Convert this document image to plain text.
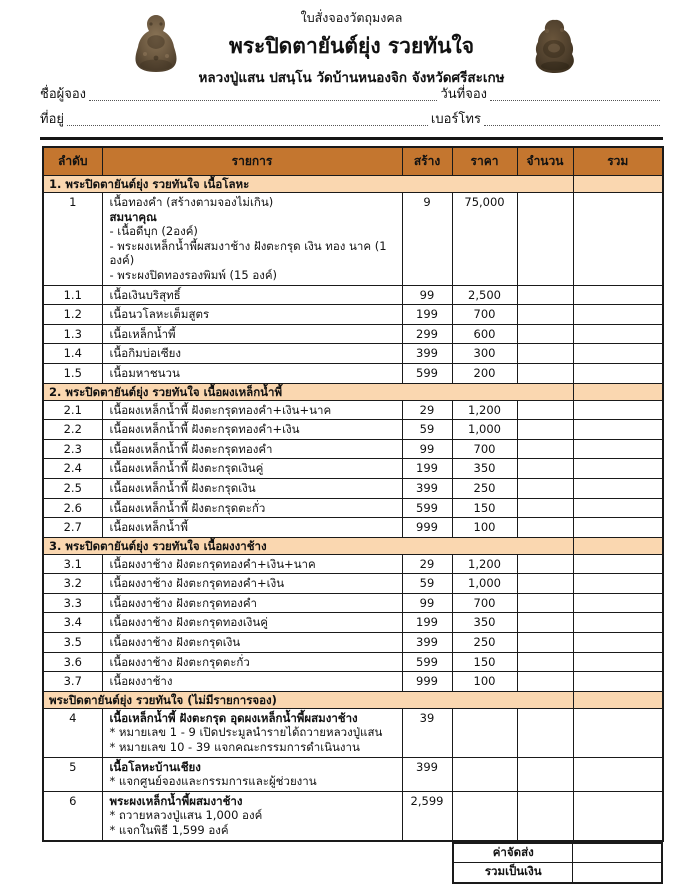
ใบสั่งจองวัตถุมงคล
พระปิดตายันต์ยุ่ง รวยทันใจ
หลวงปู่แสน ปสนฺโน วัดบ้านหนองจิก จังหวัดศรีสะเกษ
ชื่อผู้จอง	วันที่จอง
ที่อยู่	เบอร์โทร
ลำดับ	รายการ	สร้าง	ราคา	จำนวน	รวม
1. พระปิดตายันต์ยุ่ง รวยทันใจ เนื้อโลหะ					
1	เนื้อทองคำ (สร้างตามจองไม่เกิน)
สมนาคุณ
- เนื้อดีบุก (2องค์)
- พระผงเหล็กน้ำพี้ผสมงาช้าง ฝังตะกรุด เงิน ทอง นาค (1 องค์)
- พระผงปิดทองรองพิมพ์ (15 องค์)	9	75,000		
1.1	เนื้อเงินบริสุทธิ์	99	2,500		
1.2	เนื้อนวโลหะเต็มสูตร	199	700		
1.3	เนื้อเหล็กน้ำพี้	299	600		
1.4	เนื้อกิมบ่อเซียง	399	300		
1.5	เนื้อมหาชนวน	599	200		
2. พระปิดตายันต์ยุ่ง รวยทันใจ เนื้อผงเหล็กน้ำพี้					
2.1	เนื้อผงเหล็กน้ำพี้ ฝังตะกรุดทองคำ+เงิน+นาค	29	1,200		
2.2	เนื้อผงเหล็กน้ำพี้ ฝังตะกรุดทองคำ+เงิน	59	1,000		
2.3	เนื้อผงเหล็กน้ำพี้ ฝังตะกรุดทองคำ	99	700		
2.4	เนื้อผงเหล็กน้ำพี้ ฝังตะกรุดเงินคู่	199	350		
2.5	เนื้อผงเหล็กน้ำพี้ ฝังตะกรุดเงิน	399	250		
2.6	เนื้อผงเหล็กน้ำพี้ ฝังตะกรุดตะกั่ว	599	150		
2.7	เนื้อผงเหล็กน้ำพี้	999	100		
3. พระปิดตายันต์ยุ่ง รวยทันใจ เนื้อผงงาช้าง					
3.1	เนื้อผงงาช้าง ฝังตะกรุดทองคำ+เงิน+นาค	29	1,200		
3.2	เนื้อผงงาช้าง ฝังตะกรุดทองคำ+เงิน	59	1,000		
3.3	เนื้อผงงาช้าง ฝังตะกรุดทองคำ	99	700		
3.4	เนื้อผงงาช้าง ฝังตะกรุดทองเงินคู่	199	350		
3.5	เนื้อผงงาช้าง ฝังตะกรุดเงิน	399	250		
3.6	เนื้อผงงาช้าง ฝังตะกรุดตะกั่ว	599	150		
3.7	เนื้อผงงาช้าง	999	100		
พระปิดตายันต์ยุ่ง รวยทันใจ (ไม่มีรายการจอง)					
4	เนื้อเหล็กน้ำพี้ ฝังตะกรุด อุดผงเหล็กน้ำพี้ผสมงาช้าง
* หมายเลข 1 - 9 เปิดประมูลนำรายได้ถวายหลวงปู่แสน
* หมายเลข 10 - 39 แจกคณะกรรมการดำเนินงาน	39			
5	เนื้อโลหะบ้านเชียง
* แจกศูนย์จองและกรรมการและผู้ช่วยงาน	399			
6	พระผงเหล็กน้ำพี้ผสมงาช้าง
* ถวายหลวงปู่แสน 1,000 องค์
* แจกในพิธี 1,599 องค์	2,599			
ค่าจัดส่ง	
รวมเป็นเงิน	
